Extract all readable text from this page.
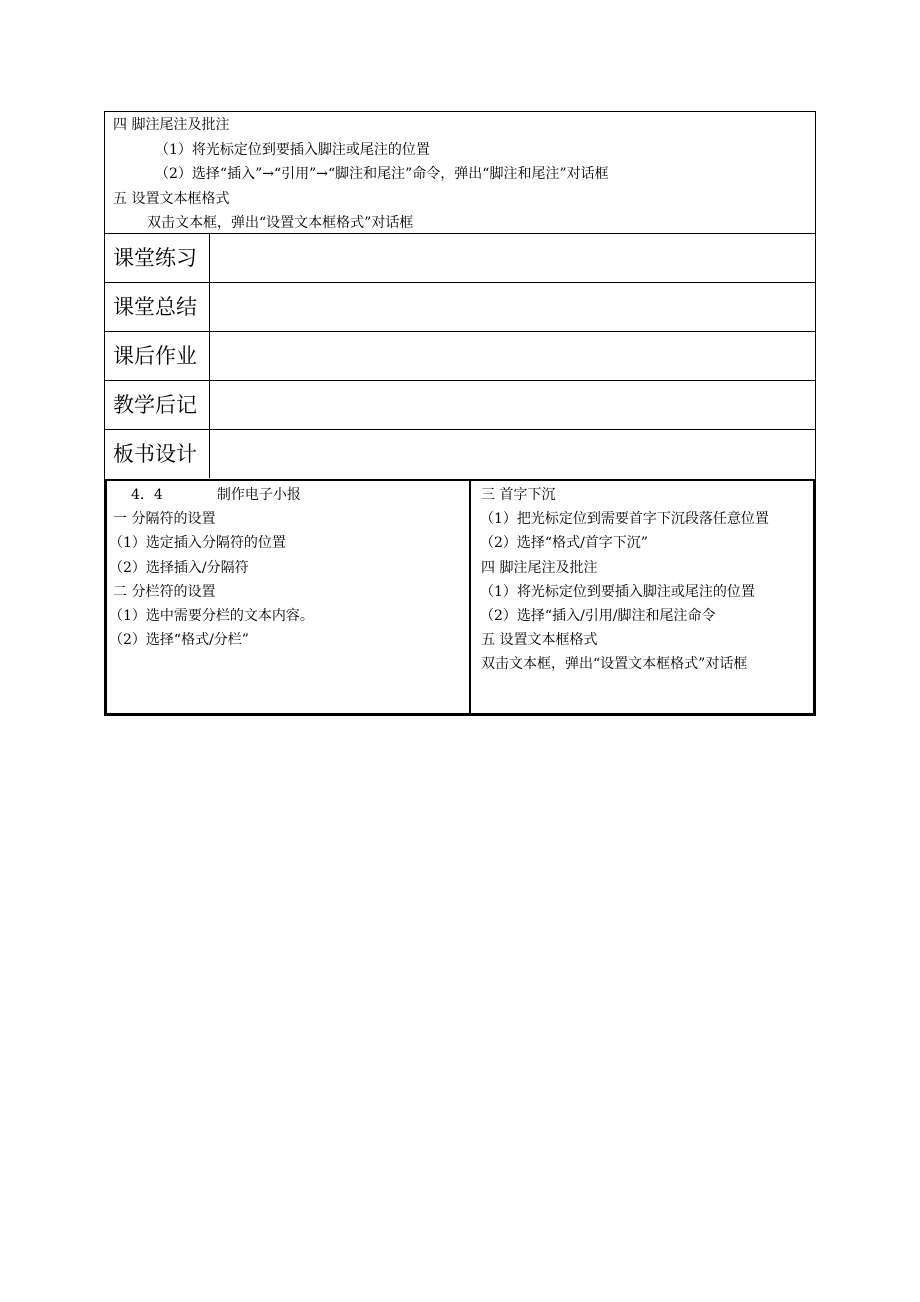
四 脚注尾注及批注
（1）将光标定位到要插入脚注或尾注的位置
（2）选择“插入”→“引用”→“脚注和尾注”命令，弹出“脚注和尾注”对话框
五 设置文本框格式
双击文本框，弹出“设置文本框格式”对话框
课堂练习
课堂总结
课后作业
教学后记
板书设计
4．4	制作电子小报
一 分隔符的设置
（1）选定插入分隔符的位置
（2）选择插入/分隔符
二 分栏符的设置
（1）选中需要分栏的文本内容。
（2）选择“格式/分栏”
三 首字下沉
（1）把光标定位到需要首字下沉段落任意位置
（2）选择“格式/首字下沉”
四 脚注尾注及批注
（1）将光标定位到要插入脚注或尾注的位置
（2）选择“插入/引用/脚注和尾注命令
五 设置文本框格式
双击文本框，弹出“设置文本框格式”对话框
